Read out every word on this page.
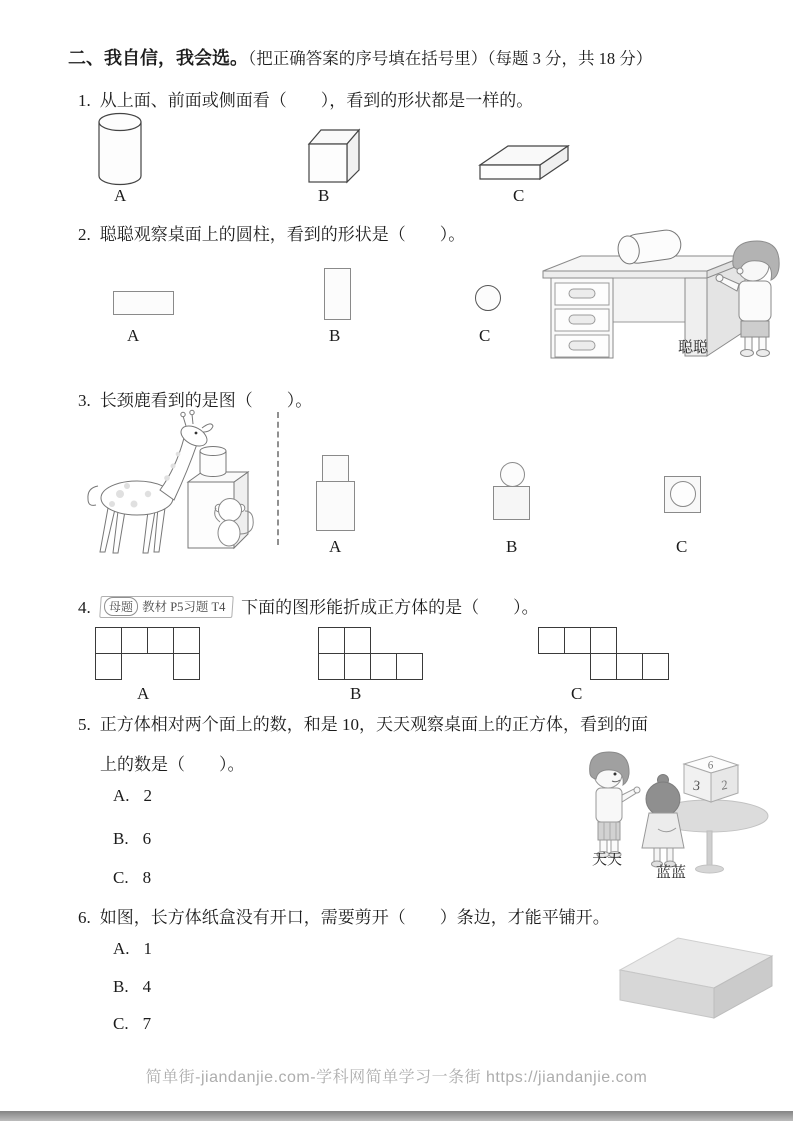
二、我自信，我会选。（把正确答案的序号填在括号里）（每题 3 分，共 18 分）
1. 从上面、前面或侧面看（　　），看到的形状都是一样的。
A	B	C
2. 聪聪观察桌面上的圆柱，看到的形状是（　　）。
A	B	C
聪聪
3. 长颈鹿看到的是图（　　）。
A	B	C
4. 母题 教材 P5习题 T4 下面的图形能折成正方体的是（　　）。
A	B	C
5. 正方体相对两个面上的数，和是 10，天天观察桌面上的正方体，看到的面
上的数是（　　）。
A. 2
B. 6
C. 8
6
3 2
天天
蓝蓝
6. 如图，长方体纸盒没有开口，需要剪开（　　）条边，才能平铺开。
A. 1
B. 4
C. 7
简单街-jiandanjie.com-学科网简单学习一条街 https://jiandanjie.com
